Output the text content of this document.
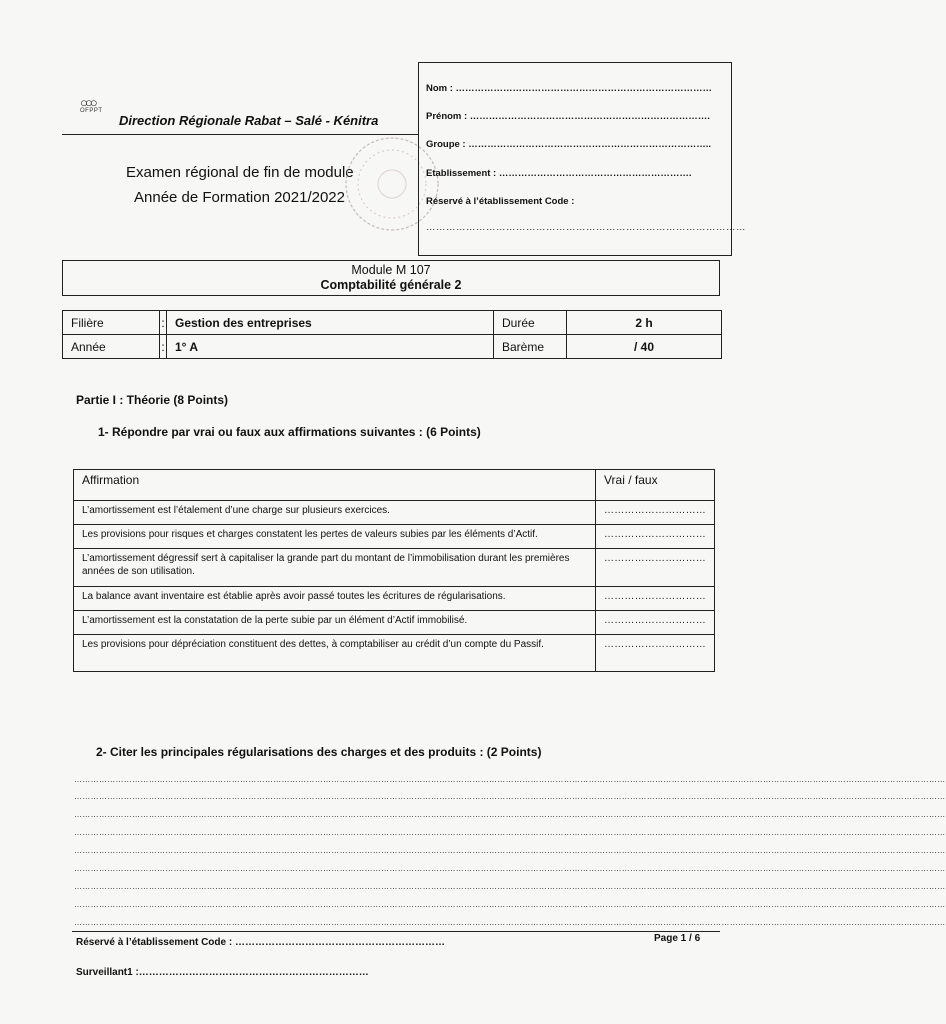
○○○
OFPPT
Direction Régionale Rabat – Salé - Kénitra
Examen régional de fin de module
Année de Formation 2021/2022
Nom : ………………………………………………………………………
Prénom : ………………………………………………………………….
Groupe : …………………………………………………………………..
Etablissement : …………………………………………………….
Réservé à l’établissement Code :
……………………………………………………………………………………
Module M 107
Comptabilité générale 2
Filière	:	Gestion des entreprises	Durée	2 h
Année	:	1° A	Barème	/ 40
Partie I : Théorie (8 Points)
1- Répondre par vrai ou faux aux affirmations suivantes : (6 Points)
Affirmation	Vrai / faux
L’amortissement est l’étalement d’une charge sur plusieurs exercices.	…………………………
Les provisions pour risques et charges constatent les pertes de valeurs subies par les éléments d’Actif.	…………………………
L’amortissement dégressif sert à capitaliser la grande part du montant de l’immobilisation durant les premières années de son utilisation.	…………………………
La balance avant inventaire est établie après avoir passé toutes les écritures de régularisations.	…………………………
L’amortissement est la constatation de la perte subie par un élément d’Actif immobilisé.	…………………………
Les provisions pour dépréciation constituent des dettes, à comptabiliser au crédit d’un compte du Passif.	…………………………
2- Citer les principales régularisations des charges et des produits : (2 Points)
………………………………………………………………………………………………………………………………………………………………………………………………………………………………………………………………………………………
………………………………………………………………………………………………………………………………………………………………………………………………………………………………………………………………………………………
………………………………………………………………………………………………………………………………………………………………………………………………………………………………………………………………………………………
………………………………………………………………………………………………………………………………………………………………………………………………………………………………………………………………………………………
………………………………………………………………………………………………………………………………………………………………………………………………………………………………………………………………………………………
………………………………………………………………………………………………………………………………………………………………………………………………………………………………………………………………………………………
………………………………………………………………………………………………………………………………………………………………………………………………………………………………………………………………………………………
………………………………………………………………………………………………………………………………………………………………………………………………………………………………………………………………………………………
………………………………………………………………………………………………………………………………………………………………………………………………………………………………………………………………………………………
Réservé à l’établissement Code : ………………………………………………………	Page 1 / 6
Surveillant1 :……………………………………………………………
